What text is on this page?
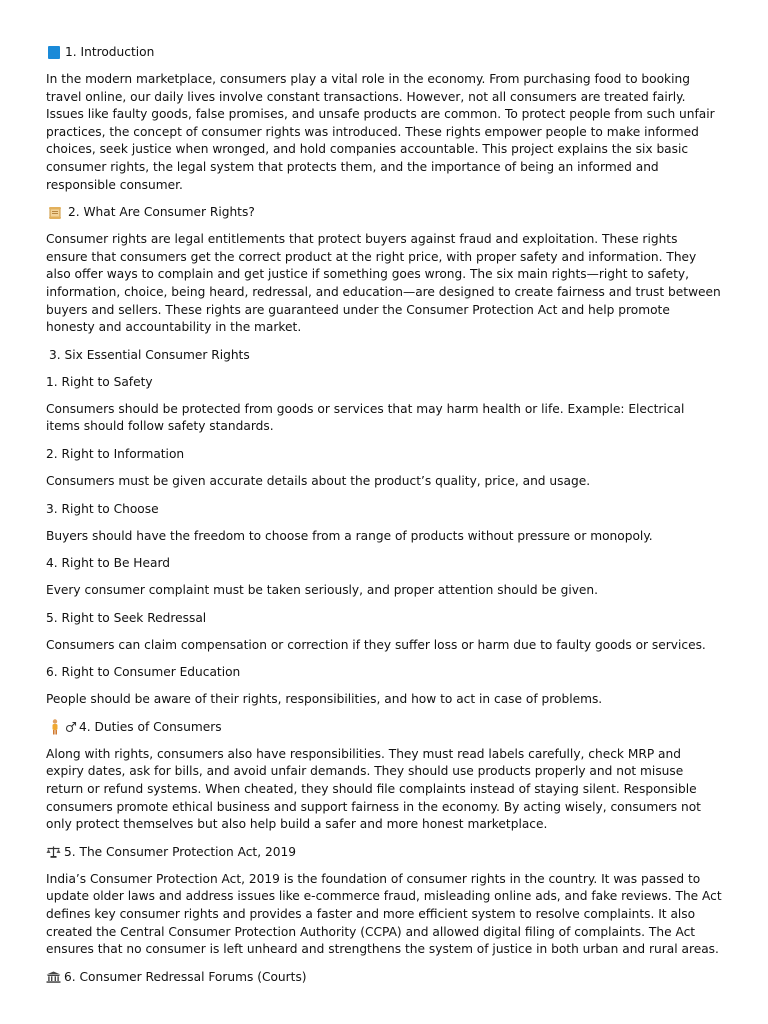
1. Introduction

In the modern marketplace, consumers play a vital role in the economy. From purchasing food to booking travel online, our daily lives involve constant transactions. However, not all consumers are treated fairly. Issues like faulty goods, false promises, and unsafe products are common. To protect people from such unfair practices, the concept of consumer rights was introduced. These rights empower people to make informed choices, seek justice when wronged, and hold companies accountable. This project explains the six basic consumer rights, the legal system that protects them, and the importance of being an informed and responsible consumer.

2. What Are Consumer Rights?

Consumer rights are legal entitlements that protect buyers against fraud and exploitation. These rights ensure that consumers get the correct product at the right price, with proper safety and information. They also offer ways to complain and get justice if something goes wrong. The six main rights—right to safety, information, choice, being heard, redressal, and education—are designed to create fairness and trust between buyers and sellers. These rights are guaranteed under the Consumer Protection Act and help promote honesty and accountability in the market.

3. Six Essential Consumer Rights
1. Right to Safety

Consumers should be protected from goods or services that may harm health or life. Example: Electrical items should follow safety standards.

2. Right to Information

Consumers must be given accurate details about the product’s quality, price, and usage.

3. Right to Choose

Buyers should have the freedom to choose from a range of products without pressure or monopoly.

4. Right to Be Heard

Every consumer complaint must be taken seriously, and proper attention should be given.

5. Right to Seek Redressal

Consumers can claim compensation or correction if they suffer loss or harm due to faulty goods or services.

6. Right to Consumer Education

People should be aware of their rights, responsibilities, and how to act in case of problems.

4. Duties of Consumers

Along with rights, consumers also have responsibilities. They must read labels carefully, check MRP and expiry dates, ask for bills, and avoid unfair demands. They should use products properly and not misuse return or refund systems. When cheated, they should file complaints instead of staying silent. Responsible consumers promote ethical business and support fairness in the economy. By acting wisely, consumers not only protect themselves but also help build a safer and more honest marketplace.

5. The Consumer Protection Act, 2019

India’s Consumer Protection Act, 2019 is the foundation of consumer rights in the country. It was passed to update older laws and address issues like e-commerce fraud, misleading online ads, and fake reviews. The Act defines key consumer rights and provides a faster and more efficient system to resolve complaints. It also created the Central Consumer Protection Authority (CCPA) and allowed digital filing of complaints. The Act ensures that no consumer is left unheard and strengthens the system of justice in both urban and rural areas.

6. Consumer Redressal Forums (Courts)
